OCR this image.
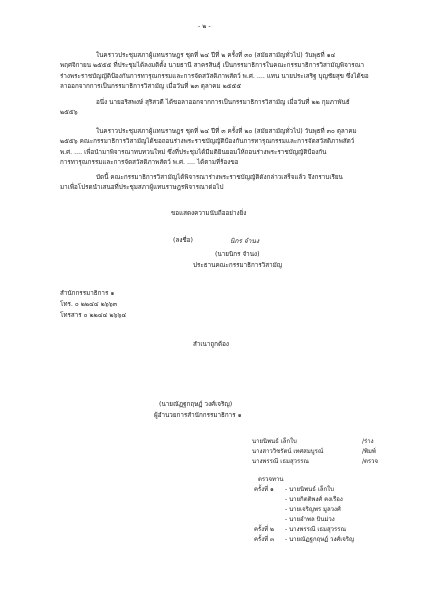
- ๒ -
ในคราวประชุมสภาผู้แทนราษฎร ชุดที่ ๒๔ ปีที่ ๒ ครั้งที่ ๓๐ (สมัยสามัญทั่วไป) วันพุธที่ ๑๔
พฤศจิกายน ๒๕๕๕ ที่ประชุมได้ลงมติตั้ง นายธานี สาครสินธุ์ เป็นกรรมาธิการในคณะกรรมาธิการวิสามัญพิจารณา
ร่างพระราชบัญญัติป้องกันการทารุณกรรมและการจัดสวัสดิภาพสัตว์ พ.ศ. .... แทน นายประเสริฐ บุญชัยสุข ซึ่งได้ขอ
ลาออกจากการเป็นกรรมาธิการวิสามัญ เมื่อวันที่ ๒๓ ตุลาคม ๒๕๕๕
อนึ่ง นายอริสพงษ์ สุริสวดี ได้ขอลาออกจากการเป็นกรรมาธิการวิสามัญ เมื่อวันที่ ๒๒ กุมภาพันธ์
๒๕๕๖
ในคราวประชุมสภาผู้แทนราษฎร ชุดที่ ๒๔ ปีที่ ๓ ครั้งที่ ๒๐ (สมัยสามัญทั่วไป) วันพุธที่ ๓๐ ตุลาคม
๒๕๕๖ คณะกรรมาธิการวิสามัญได้ขอถอนร่างพระราชบัญญัติป้องกันการทารุณกรรมและการจัดสวัสดิภาพสัตว์
พ.ศ. .... เพื่อนำมาพิจารณาทบทวนใหม่ ซึ่งที่ประชุมได้มีมติยินยอมให้ถอนร่างพระราชบัญญัติป้องกัน
การทารุณกรรมและการจัดสวัสดิภาพสัตว์ พ.ศ. .... ได้ตามที่ร้องขอ
บัดนี้ คณะกรรมาธิการวิสามัญได้พิจารณาร่างพระราชบัญญัติดังกล่าวเสร็จแล้ว จึงกราบเรียน
มาเพื่อโปรดนำเสนอที่ประชุมสภาผู้แทนราษฎรพิจารณาต่อไป
ขอแสดงความนับถืออย่างยิ่ง
(ลงชื่อ)	นิกร จำนง
(นายนิกร จำนง)
ประธานคณะกรรมาธิการวิสามัญ
สำนักกรรมาธิการ ๑
โทร. ๐ ๒๒๔๔ ๒๖๖๓
โทรสาร ๐ ๒๒๔๔ ๒๖๖๔
สำเนาถูกต้อง
(นายณัฏฐกฤษฏ์ วงศ์เจริญ)
ผู้อำนวยการสำนักกรรมาธิการ ๑
นายนิพนธ์ เล็กใบ	/ร่าง
นางสาววิชรัตน์ เทศสมบูรณ์	/พิมพ์
นางพรรณี เธมสุวรรณ	/ตรวจ
ตรวจทาน
ครั้งที่ ๑ - นายนิพนธ์ เล็กใบ
- นายกิตติพงศ์ คงเรือง
- นายเจริญพร มูลวงศ์
- นายอำพล บินม่วง
ครั้งที่ ๒ - นางพรรณี เธมสุวรรณ
ครั้งที่ ๓ - นายณัฏฐกฤษฏ์ วงศ์เจริญ
